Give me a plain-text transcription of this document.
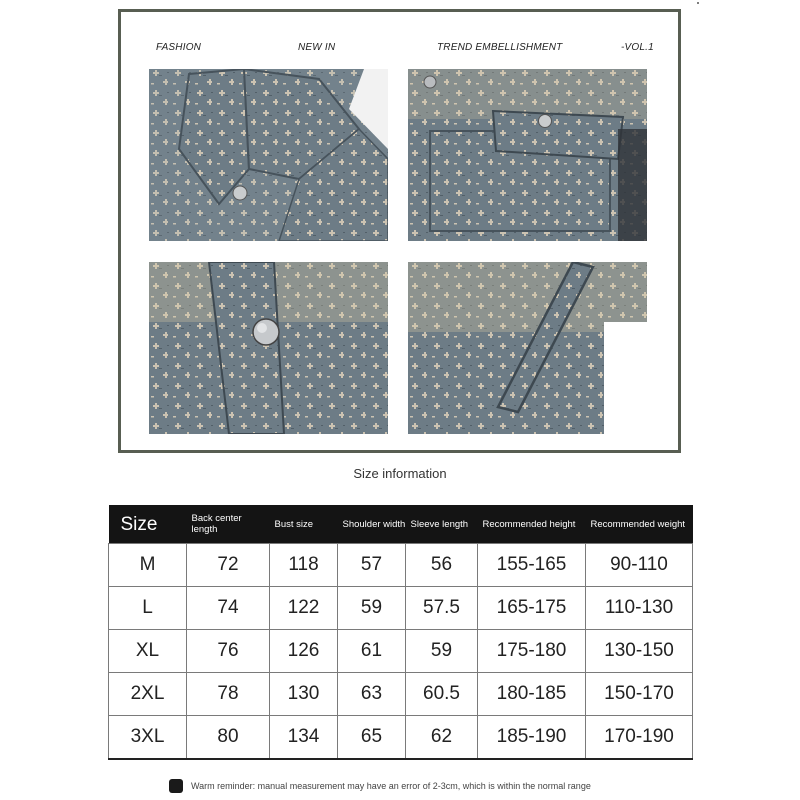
FASHION	NEW IN	TREND EMBELLISHMENT	-VOL.1
Size information
Size	Back center length	Bust size	Shoulder width	Sleeve length	Recommended height	Recommended weight
M	72	118	57	56	155-165	90-110
L	74	122	59	57.5	165-175	110-130
XL	76	126	61	59	175-180	130-150
2XL	78	130	63	60.5	180-185	150-170
3XL	80	134	65	62	185-190	170-190
Warm reminder: manual measurement may have an error of 2-3cm, which is within the normal range
